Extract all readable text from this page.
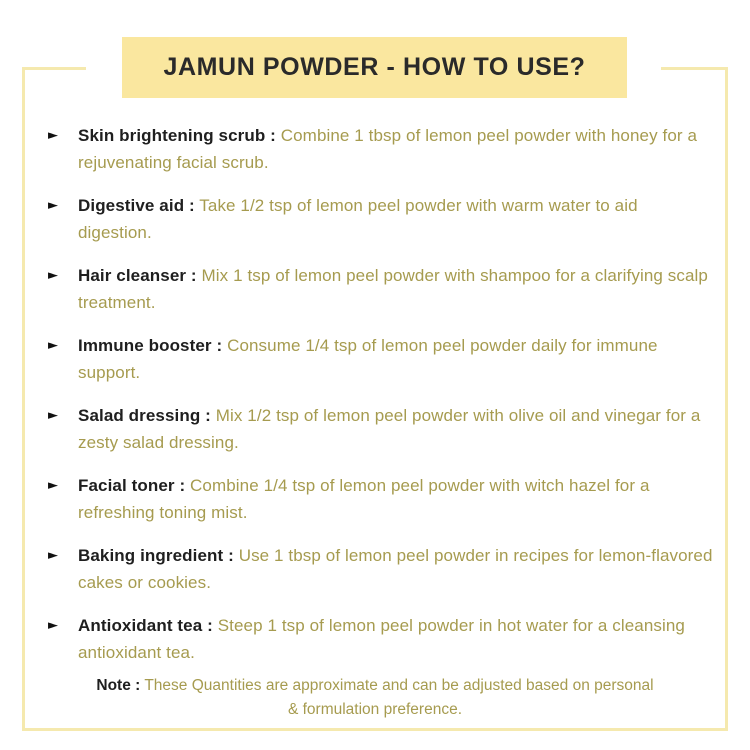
JAMUN POWDER - HOW TO USE?
► Skin brightening scrub : Combine 1 tbsp of lemon peel powder with honey for a rejuvenating facial scrub.

► Digestive aid : Take 1/2 tsp of lemon peel powder with warm water to aid digestion.

► Hair cleanser : Mix 1 tsp of lemon peel powder with shampoo for a clarifying scalp treatment.

► Immune booster : Consume 1/4 tsp of lemon peel powder daily for immune support.

► Salad dressing : Mix 1/2 tsp of lemon peel powder with olive oil and vinegar for a zesty salad dressing.

► Facial toner : Combine 1/4 tsp of lemon peel powder with witch hazel for a refreshing toning mist.

► Baking ingredient : Use 1 tbsp of lemon peel powder in recipes for lemon-flavored cakes or cookies.

► Antioxidant tea : Steep 1 tsp of lemon peel powder in hot water for a cleansing antioxidant tea.

Note : These Quantities are approximate and can be adjusted based on personal & formulation preference.
